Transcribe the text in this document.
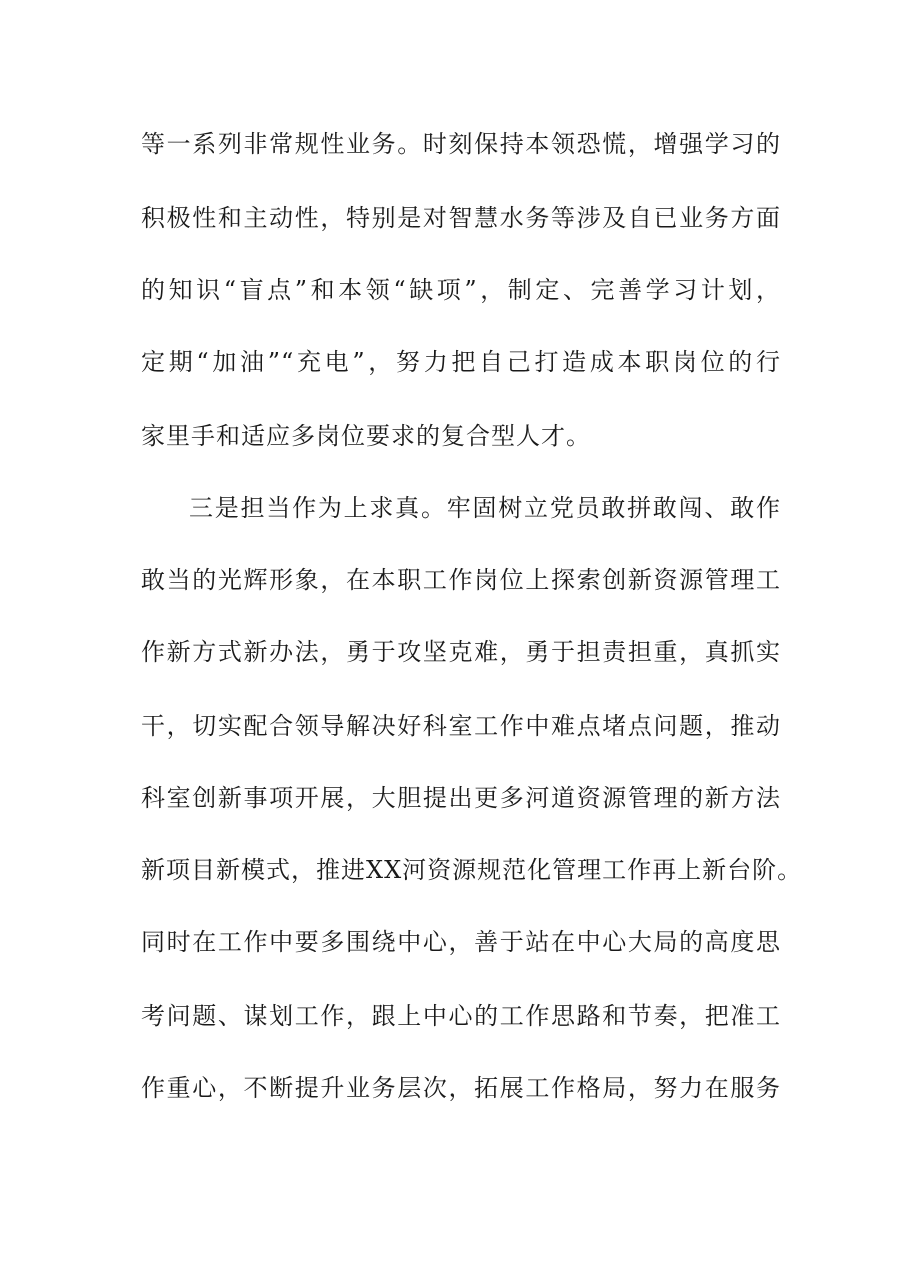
等一系列非常规性业务。时刻保持本领恐慌，增强学习的
积极性和主动性，特别是对智慧水务等涉及自已业务方面
的知识“盲点”和本领“缺项”，制定、完善学习计划，
定期“加油”“充电”，努力把自己打造成本职岗位的行
家里手和适应多岗位要求的复合型人才。
三是担当作为上求真。牢固树立党员敢拼敢闯、敢作
敢当的光辉形象，在本职工作岗位上探索创新资源管理工
作新方式新办法，勇于攻坚克难，勇于担责担重，真抓实
干，切实配合领导解决好科室工作中难点堵点问题，推动
科室创新事项开展，大胆提出更多河道资源管理的新方法
新项目新模式，推进XX河资源规范化管理工作再上新台阶。
同时在工作中要多围绕中心，善于站在中心大局的高度思
考问题、谋划工作，跟上中心的工作思路和节奏，把准工
作重心，不断提升业务层次，拓展工作格局，努力在服务
